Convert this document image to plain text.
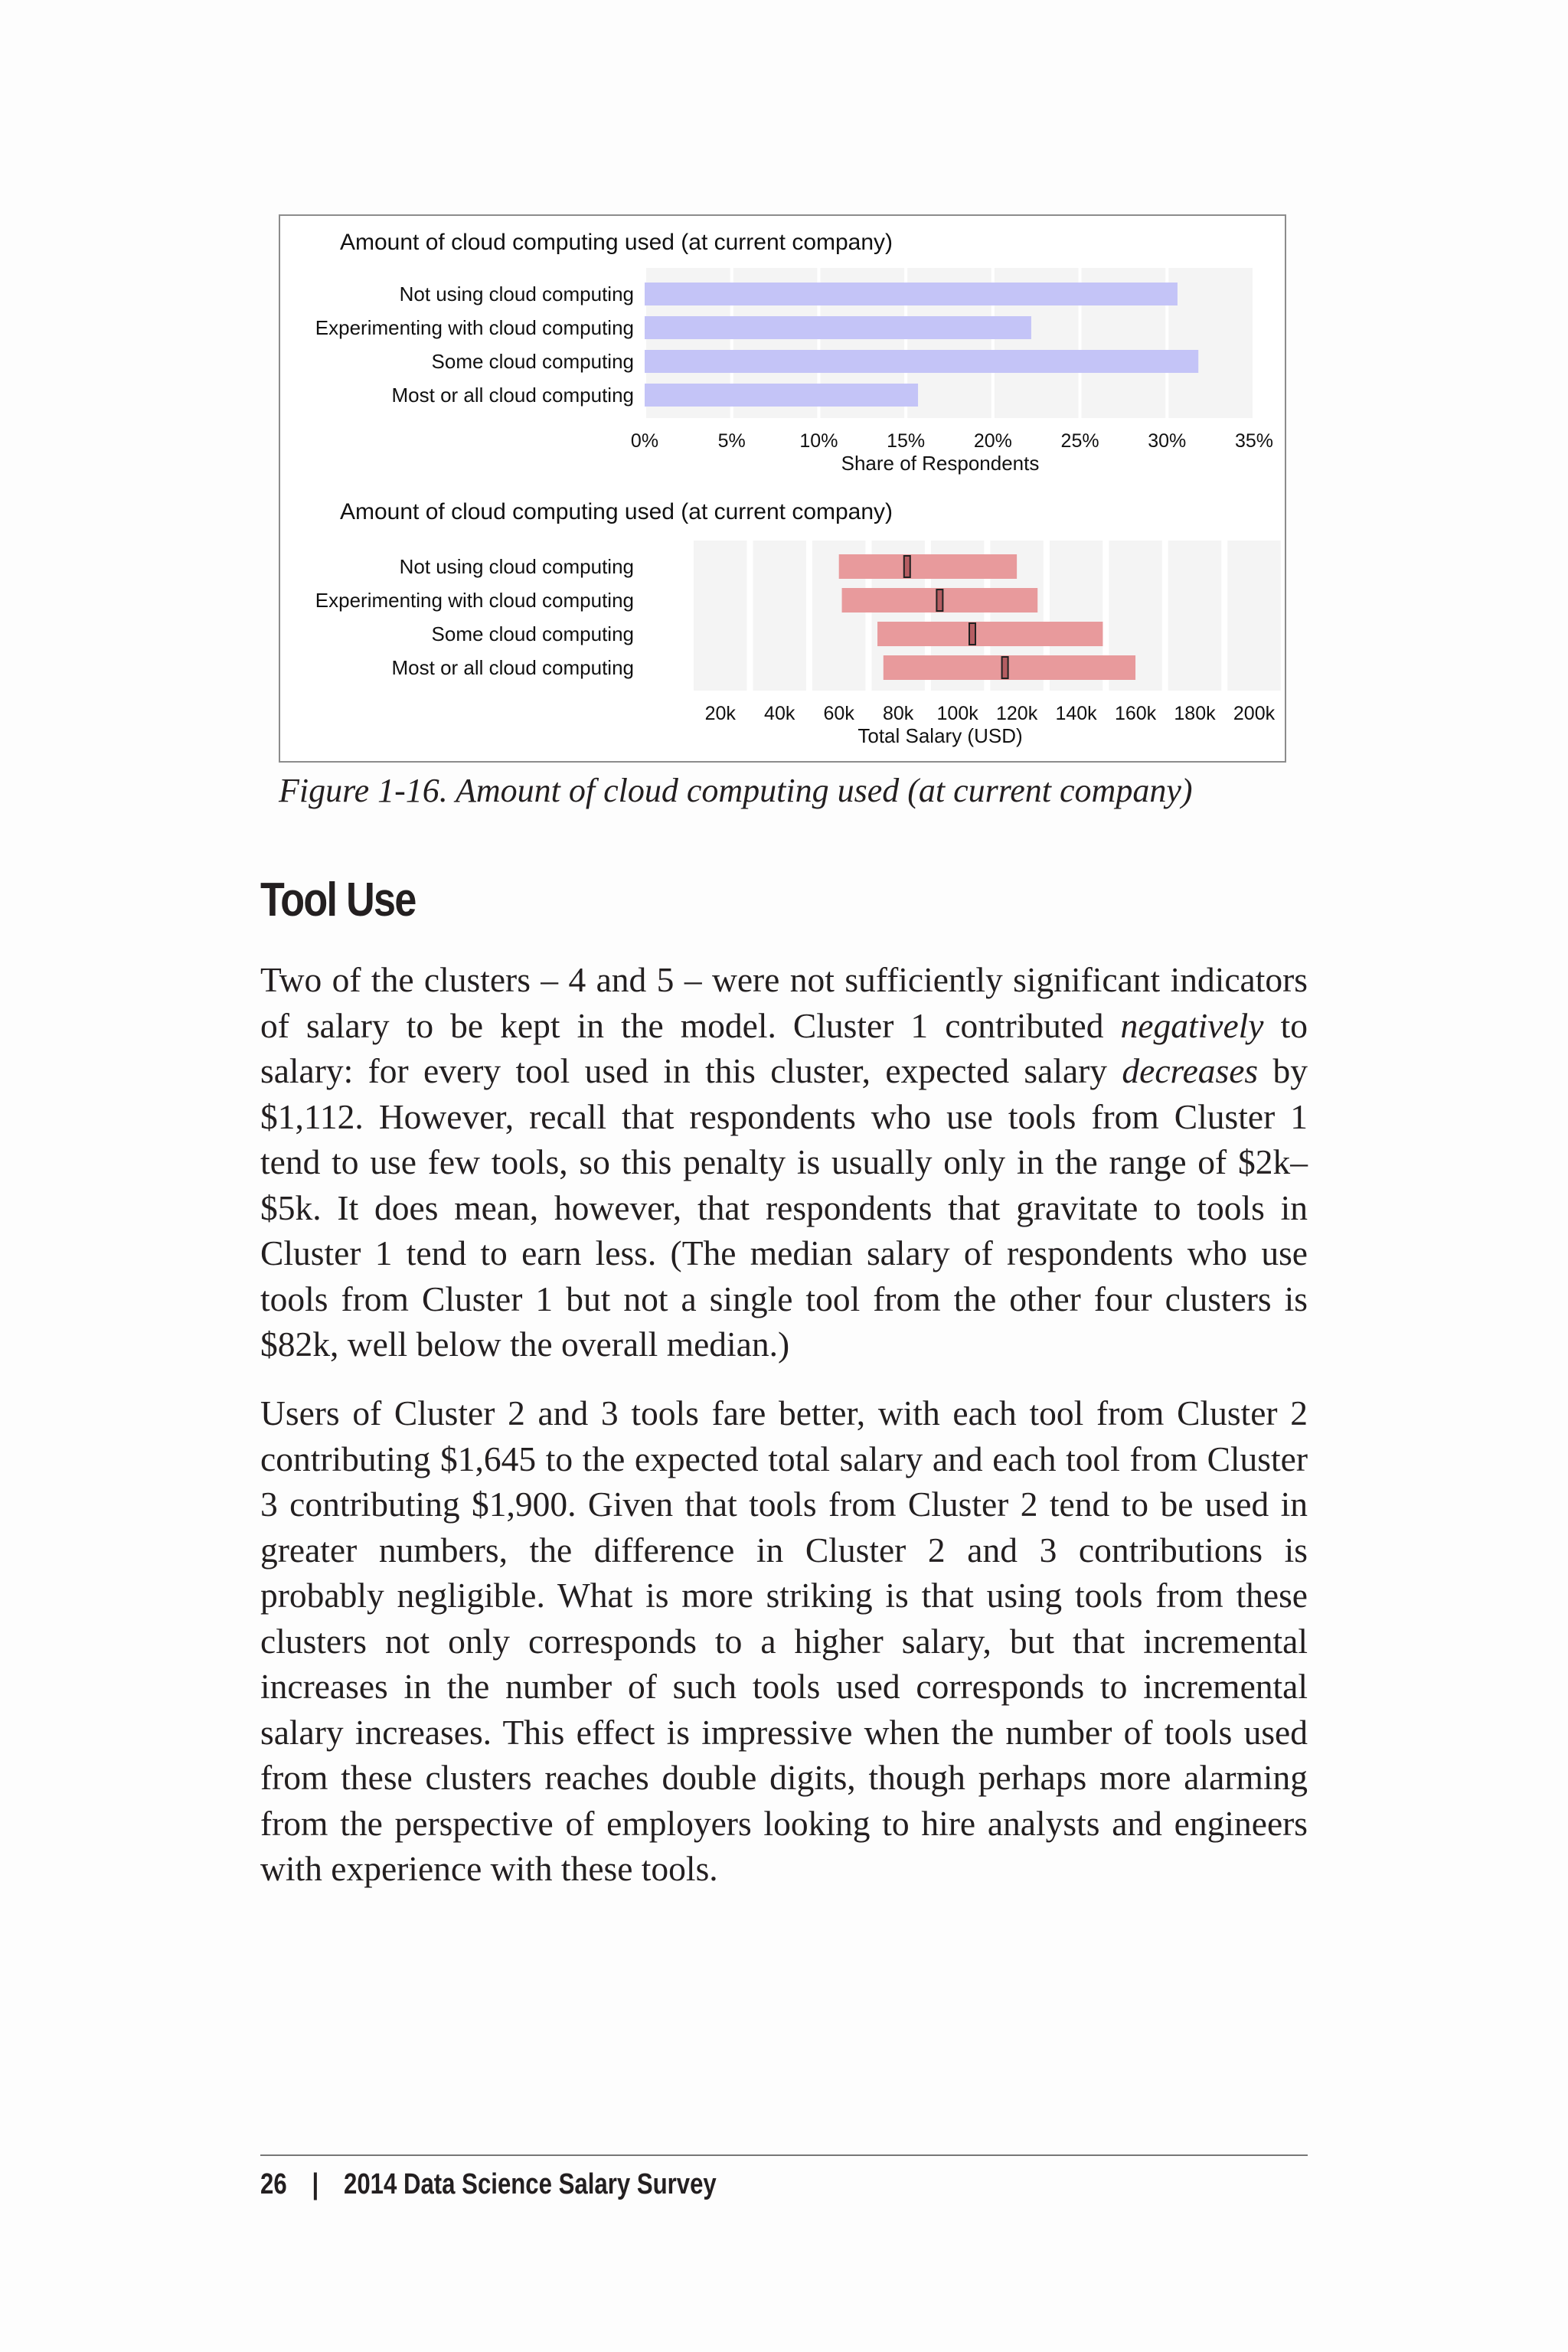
Amount of cloud computing used (at current company)
Not using cloud computing
Experimenting with cloud computing
Some cloud computing
Most or all cloud computing
0%	5%	10%	15%	20%	25%	30%	35%
Share of Respondents
Amount of cloud computing used (at current company)
Not using cloud computing
Experimenting with cloud computing
Some cloud computing
Most or all cloud computing
20k 40k 60k 80k 100k 120k 140k 160k 180k 200k
Total Salary (USD)

Figure 1-16. Amount of cloud computing used (at current company)

Tool Use

Two of the clusters – 4 and 5 – were not sufficiently significant indicators of salary to be kept in the model. Cluster 1 contributed negatively to salary: for every tool used in this cluster, expected salary decreases by $1,112. However, recall that respondents who use tools from Cluster 1 tend to use few tools, so this penalty is usually only in the range of $2k–$5k. It does mean, however, that respondents that gravitate to tools in Cluster 1 tend to earn less. (The median salary of respondents who use tools from Cluster 1 but not a single tool from the other four clusters is $82k, well below the overall median.)

Users of Cluster 2 and 3 tools fare better, with each tool from Cluster 2 contributing $1,645 to the expected total salary and each tool from Cluster 3 contributing $1,900. Given that tools from Cluster 2 tend to be used in greater numbers, the difference in Cluster 2 and 3 contributions is probably negligible. What is more striking is that using tools from these clusters not only corresponds to a higher salary, but that incremental increases in the number of such tools used corresponds to incremental salary increases. This effect is impressive when the number of tools used from these clusters reaches double digits, though perhaps more alarming from the perspective of employers looking to hire analysts and engineers with experience with these tools.

26 | 2014 Data Science Salary Survey
